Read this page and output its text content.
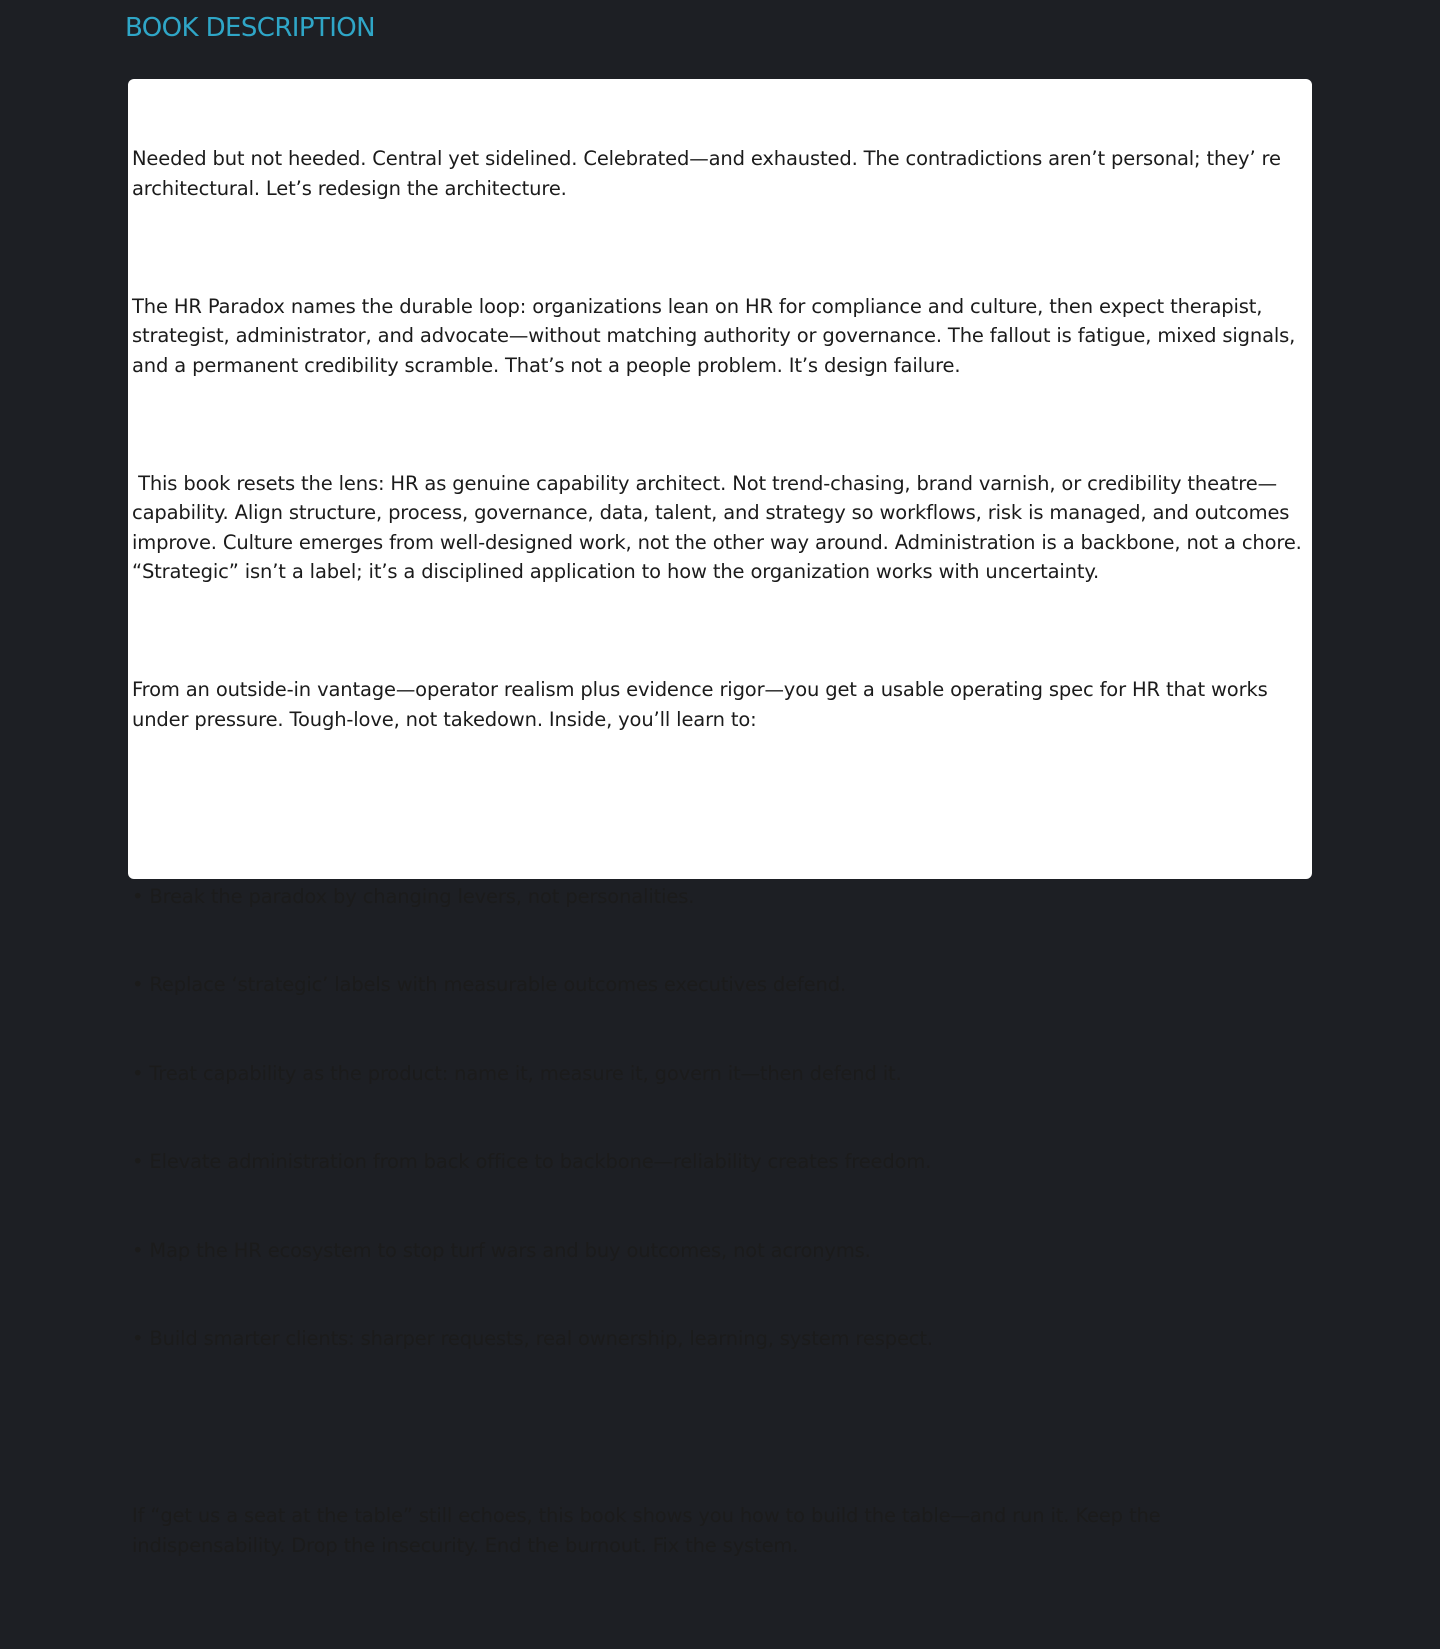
BOOK DESCRIPTION

Needed but not heeded. Central yet sidelined. Celebrated—and exhausted. The contradictions aren’t personal; they’ re architectural. Let’s redesign the architecture.

The HR Paradox names the durable loop: organizations lean on HR for compliance and culture, then expect therapist, strategist, administrator, and advocate—without matching authority or governance. The fallout is fatigue, mixed signals, and a permanent credibility scramble. That’s not a people problem. It’s design failure.

This book resets the lens: HR as genuine capability architect. Not trend-chasing, brand varnish, or credibility theatre—capability. Align structure, process, governance, data, talent, and strategy so workflows, risk is managed, and outcomes improve. Culture emerges from well-designed work, not the other way around. Administration is a backbone, not a chore. “Strategic” isn’t a label; it’s a disciplined application to how the organization works with uncertainty.

From an outside-in vantage—operator realism plus evidence rigor—you get a usable operating spec for HR that works under pressure. Tough-love, not takedown. Inside, you’ll learn to:

• Break the paradox by changing levers, not personalities.

• Replace ‘strategic’ labels with measurable outcomes executives defend.

• Treat capability as the product: name it, measure it, govern it—then defend it.

• Elevate administration from back office to backbone—reliability creates freedom.

• Map the HR ecosystem to stop turf wars and buy outcomes, not acronyms.

• Build smarter clients: sharper requests, real ownership, learning, system respect.

If “get us a seat at the table” still echoes, this book shows you how to build the table—and run it. Keep the indispensability. Drop the insecurity. End the burnout. Fix the system.
